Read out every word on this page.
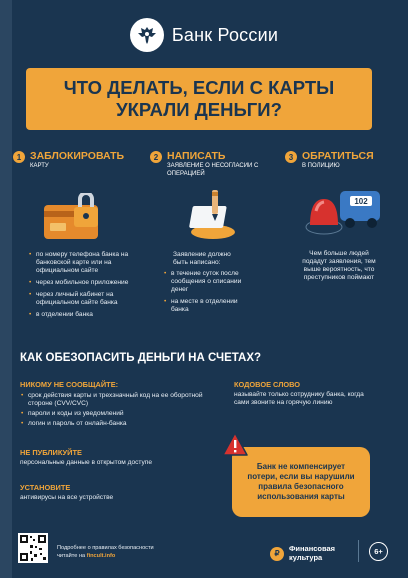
Банк России
ЧТО ДЕЛАТЬ, ЕСЛИ С КАРТЫ
УКРАЛИ ДЕНЬГИ?
1 ЗАБЛОКИРОВАТЬ
КАРТУ
• по номеру телефона банка на банковской карте или на официальном сайте
• через мобильное приложение
• через личный кабинет на официальном сайте банка
• в отделении банка
2 НАПИСАТЬ
ЗАЯВЛЕНИЕ О НЕСОГЛАСИИ С ОПЕРАЦИЕЙ
Заявление должно быть написано:
• в течение суток после сообщения о списании денег
• на месте в отделении банка
3 ОБРАТИТЬСЯ
В ПОЛИЦИЮ
102
Чем больше людей подадут заявления, тем выше вероятность, что преступников поймают
КАК ОБЕЗОПАСИТЬ ДЕНЬГИ НА СЧЕТАХ?
НИКОМУ НЕ СООБЩАЙТЕ:
• срок действия карты и трехзначный код на ее оборотной стороне (CVV/CVC)
• пароли и коды из уведомлений
• логин и пароль от онлайн-банка
НЕ ПУБЛИКУЙТЕ
персональные данные в открытом доступе
УСТАНОВИТЕ
антивирусы на все устройстве
КОДОВОЕ СЛОВО
называйте только сотруднику банка, когда сами звоните на горячую линию
Банк не компенсирует
потери, если вы нарушили
правила безопасного
использования карты
Подробнее о правилах безопасности
читайте на fincult.info	₽
Финансовая
культура
6+
